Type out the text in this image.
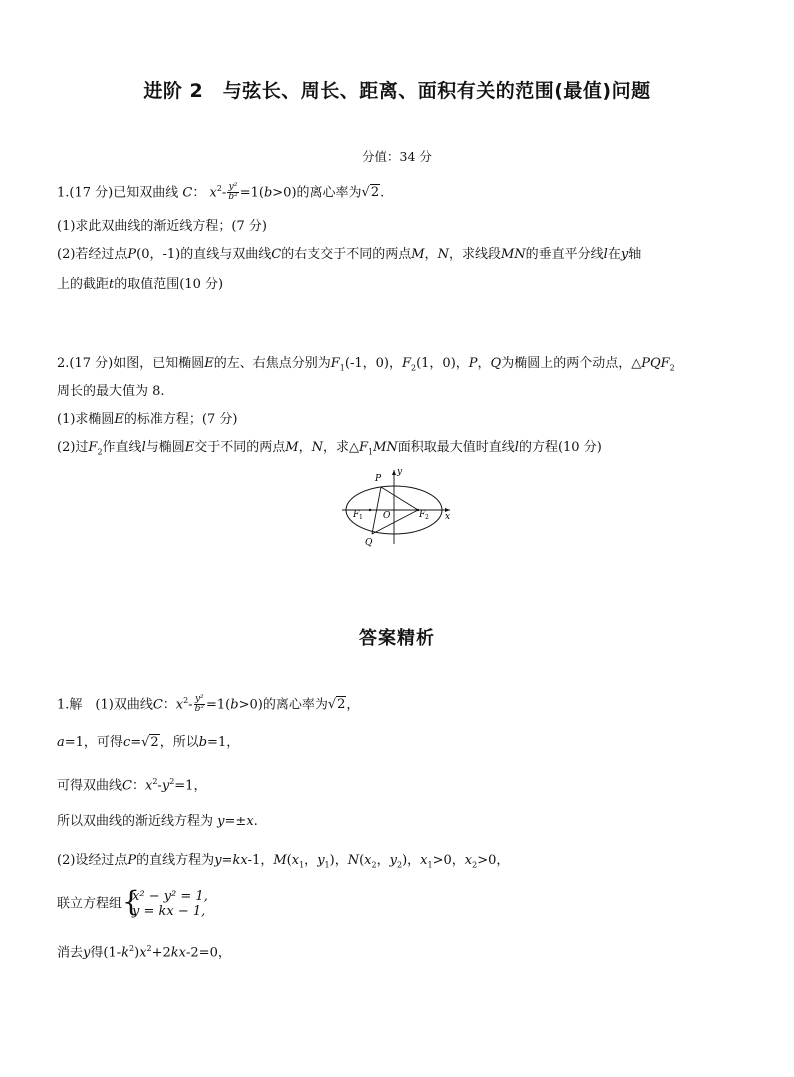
进阶 2　与弦长、周长、距离、面积有关的范围(最值)问题
分值：34 分
1.(17 分)已知双曲线 C： $x^2- \frac{\text{y²}}{\text{b²}} =1(b>0)$的离心率为√2.
(1)求此双曲线的渐近线方程；(7 分)
(2)若经过点P(0，-1)的直线与双曲线C的右支交于不同的两点M，N，求线段MN的垂直平分线l在y轴
上的截距t的取值范围(10 分)
2.(17 分)如图，已知椭圆E的左、右焦点分别为$F_1(-1$，0)，$F_2(1$，0)，P，Q为椭圆上的两个动点，$\triangle PQF_2$
周长的最大值为 8.
(1)求椭圆E的标准方程；(7 分)
(2)过$F_2$作直线l与椭圆E交于不同的两点M，N，求$\triangle F_1MN$面积取最大值时直线l的方程(10 分)
P
y
F 1 O	F 2 x
Q
答案精析
1.解　(1)双曲线C：$x^2- \frac{\text{y²}}{\text{b²}} =1(b>0)$的离心率为√2，
a=1，可得c=√2，所以b=1，
可得双曲线C：$x^2-y^2=1$，
所以双曲线的渐近线方程为 y=±x.
(2)设经过点P的直线方程为y=kx-1，$M(x_1$，$y_1$)，$N(x_2$，$y_2$)，$x_1>0$，$x_2>0$，
联立方程组 {
x² − y² = 1,
y = kx − 1,
消去y得$(1-k^2)x^2+2kx-2=0$，
